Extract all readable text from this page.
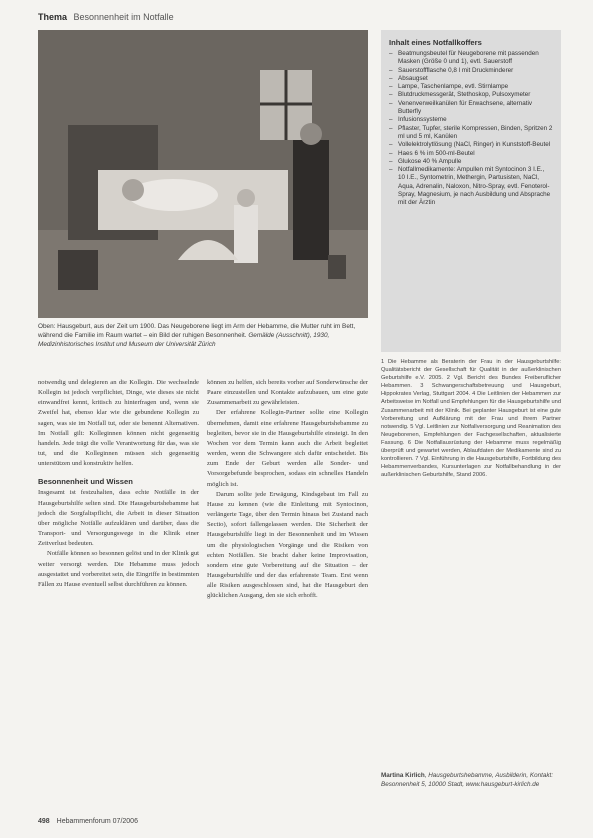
Thema Besonnenheit im Notfalle
Oben: Hausgeburt, aus der Zeit um 1900. Das Neugeborene liegt im Arm der Hebamme, die Mutter ruht im Bett, während die Familie im Raum wartet – ein Bild der ruhigen Besonnenheit. Gemälde (Ausschnitt), 1930, Medizinhistorisches Institut und Museum der Universität Zürich
Inhalt eines Notfallkoffers
– Beatmungsbeutel für Neugeborene mit passenden Masken (Größe 0 und 1), evtl. Sauerstoff
– Sauerstoffflasche 0,8 l mit Druckminderer
– Absaugset
– Lampe, Taschenlampe, evtl. Stirnlampe
– Blutdruckmessgerät, Stethoskop, Pulsoxymeter
– Venenverweilkanülen für Erwachsene, alternativ Butterfly
– Infusionssysteme
– Pflaster, Tupfer, sterile Kompressen, Binden, Spritzen 2 ml und 5 ml, Kanülen
– Vollelektrolytlösung (NaCl, Ringer) in Kunststoff-Beutel
– Haes 6 % im 500-ml-Beutel
– Glukose 40 % Ampulle
– Notfallmedikamente: Ampullen mit Syntocinon 3 I.E., 10 I.E., Syntometrin, Methergin, Partusisten, NaCl, Aqua, Adrenalin, Naloxon, Nitro-Spray, evtl. Fenoterol-Spray, Magnesium, je nach Ausbildung und Absprache mit der Ärztin

notwendig und delegieren an die Kollegin. Die wechselnde Kollegin ist jedoch verpflichtet, Dinge, wie dieses sie nicht einwandfrei kennt, kritisch zu hinterfragen und, wenn sie Zweifel hat, ebenso klar wie die gebundene Kollegin zu sagen, was sie im Notfall tut, oder sie benennt Alternativen. Im Notfall gilt: Kolleginnen können nicht gegenseitig handeln. Jede trägt die volle Verantwortung für das, was sie tut, und die Kolleginnen müssen sich gegenseitig unterstützen und konstruktiv helfen.

Besonnenheit und Wissen

Insgesamt ist festzuhalten, dass echte Notfälle in der Hausgeburtshilfe selten sind. Die Hausgeburtshebamme hat jedoch die Sorgfaltspflicht, die Arbeit in dieser Situation über mögliche Notfälle aufzuklären und darüber, dass die Transport- und Versorgungswege in die Klinik einer Zeitverlust bedeuten.

Notfälle können so besonnen gelöst und in der Klinik gut weiter versorgt werden. Die Hebamme muss jedoch ausgestattet und vorbereitet sein, die Eingriffe in bestimmten Fällen zu Hause eventuell selbst durchführen zu können.

können zu helfen, sich bereits vorher auf Sonderwünsche der Paare einzustellen und Kontakte aufzubauen, um eine gute Zusammenarbeit zu gewährleisten.

Der erfahrene Kollegin-Partner sollte eine Kollegin übernehmen, damit eine erfahrene Hausgeburtshebamme zu begleiten, bevor sie in die Hausgeburtshilfe einsteigt. In den Wochen vor dem Termin kann auch die Arbeit begleitet werden, wenn die Schwangere sich dafür entscheidet. Bis zum Ende der Geburt werden alle Sonder- und Vorsorgebefunde besprochen, sodass ein schnelles Handeln möglich ist.

Darum sollte jede Erwägung, Kindsgebaut im Fall zu Hause zu kennen (wie die Einleitung mit Syntocinon, verlängerte Tage, über den Termin hinaus bei Zustand nach Sectio), sofort fallengelassen werden. Die Sicherheit der Hausgeburtshilfe liegt in der Besonnenheit und im Wissen um die physiologischen Vorgänge und die Risiken von echten Notfällen. Sie bracht daher keine Improvisation, sondern eine gute Vorbereitung auf die Situation – der Hausgeburtshilfe und der das erfahrenste Team. Erst wenn alle Risiken ausgeschlossen sind, hat die Hausgeburt den glücklichen Ausgang, den sie sich erhofft.

1 Die Hebamme als Beraterin der Frau in der Hausgeburtshilfe: Qualitätsbericht der Gesellschaft für Qualität in der außerklinischen Geburtshilfe e.V. 2005. 2 Vgl. Bericht des Bundes Freiberuflicher Hebammen. 3 Schwangerschaftsbetreuung und Hausgeburt, Hippokrates Verlag, Stuttgart 2004. 4 Die Leitlinien der Hebammen zur Arbeitsweise im Notfall und Empfehlungen für die Hausgeburtshilfe und Zusammenarbeit mit der Klinik. Bei geplanter Hausgeburt ist eine gute Vorbereitung und Aufklärung mit der Frau und ihrem Partner notwendig. 5 Vgl. Leitlinien zur Notfallversorgung und Reanimation des Neugeborenen, Empfehlungen der Fachgesellschaften, aktualisierte Fassung. 6 Die Notfallausrüstung der Hebamme muss regelmäßig überprüft und gewartet werden, Ablaufdaten der Medikamente sind zu kontrollieren. 7 Vgl. Einführung in die Hausgeburtshilfe, Fortbildung des Hebammenverbandes, Kursunterlagen zur Notfallbehandlung in der außerklinischen Geburtshilfe, Stand 2006.

Martina Kirlich, Hausgeburtshebamme, Ausbilderin, Kontakt: Besonnenheit 5, 10000 Stadt, www.hausgeburt-kirlich.de

498 Hebammenforum 07/2006
